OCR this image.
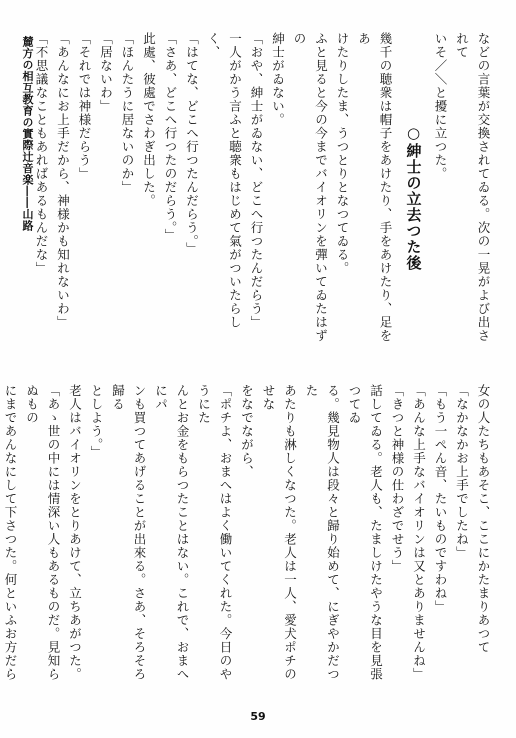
麓方の相互教育の實際辻音楽――山路	などの言葉が交換されてゐる。次の一晃がよび出されて

いそ／＼と擾に立つた。

○紳士の立去つた後

幾千の聴衆は帽子をあけたり、手をあけたり、足をあ

けたりしたま、うつとりとなつてゐる。

ふと見ると今の今までバイオリンを彈いてゐたはずの

紳士がゐない。

「おや、紳士がゐない、どこへ行つたんだらう」

一人がかう言ふと聴衆もはじめて氣がついたらしく、

「はてな、どこへ行つたんだらう。」

「さあ、どこへ行つたのだらう。」

此處、彼處でさわぎ出した。

「ほんたうに居ないのか」

「居ないわ」

「それでは神様だらう」

「あんなにお上手だから、神様かも知れないわ」

「不思議なこともあればあるもんだな」

女の人たちもあそこ、ここにかたまりあつて

「なかなかお上手でしたね」

「もう一ぺん音、たいものですわね」

「あんな上手なバイオリンは又とありませんね」

「きつと神様の仕わざでせう」

話してゐる。老人も、たましけたやうな目を見張つてゐ

る。幾見物人は段々と歸り始めて、にぎやかだつた

あたりも淋しくなつた。老人は一人、愛犬ポチのせな

をなでながら、

「ポチよ、おまへはよく働いてくれた。今日のやうにた

んとお金をもらつたことはない。これで、おまへにパ

ンも買つてあげることが出來る。さあ、そろそろ歸る

としよう。」

老人はバイオリンをとりあけて、立ちあがつた。

「あゝ世の中には情深い人もあるものだ。見知らぬもの

にまであんなにして下さつた。何といふお方だら

59
